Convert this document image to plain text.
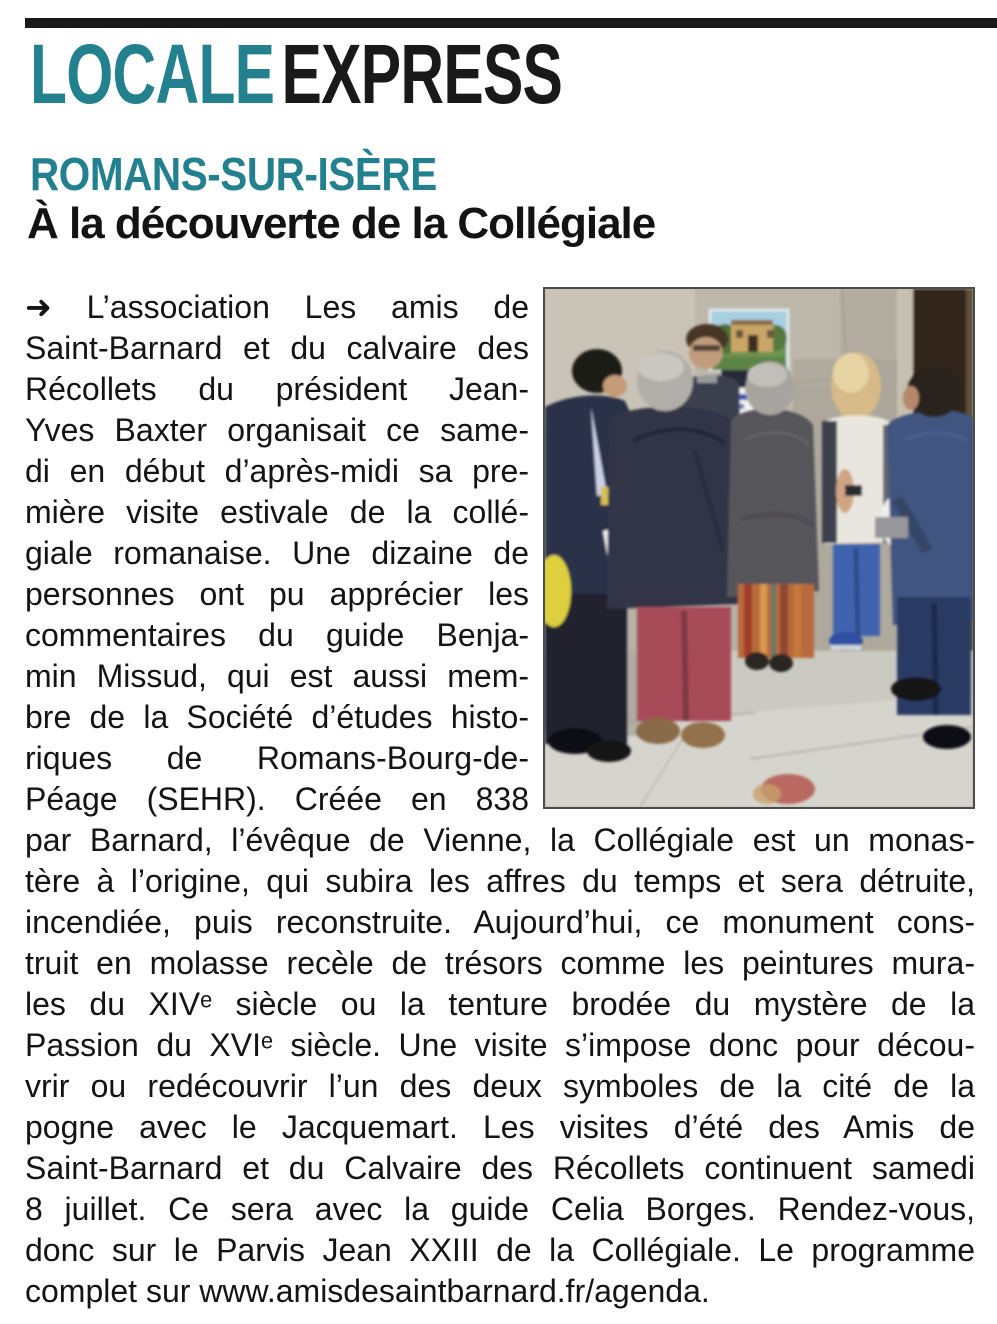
LOCALEEXPRESS
ROMANS-SUR-ISÈRE
À la découverte de la Collégiale
➜ L’association Les amis de
Saint-Barnard et du calvaire des
Récollets du président Jean-
Yves Baxter organisait ce same-
di en début d’après-midi sa pre-
mière visite estivale de la collé-
giale romanaise. Une dizaine de
personnes ont pu apprécier les
commentaires du guide Benja-
min Missud, qui est aussi mem-
bre de la Société d’études histo-
riques de Romans-Bourg-de-
Péage (SEHR). Créée en 838
par Barnard, l’évêque de Vienne, la Collégiale est un monas-
tère à l’origine, qui subira les affres du temps et sera détruite,
incendiée, puis reconstruite. Aujourd’hui, ce monument cons-
truit en molasse recèle de trésors comme les peintures mura-
les du XIVᵉ siècle ou la tenture brodée du mystère de la
Passion du XVIᵉ siècle. Une visite s’impose donc pour décou-
vrir ou redécouvrir l’un des deux symboles de la cité de la
pogne avec le Jacquemart. Les visites d’été des Amis de
Saint-Barnard et du Calvaire des Récollets continuent samedi
8 juillet. Ce sera avec la guide Celia Borges. Rendez-vous,
donc sur le Parvis Jean XXIII de la Collégiale. Le programme
complet sur www.amisdesaintbarnard.fr/agenda.
